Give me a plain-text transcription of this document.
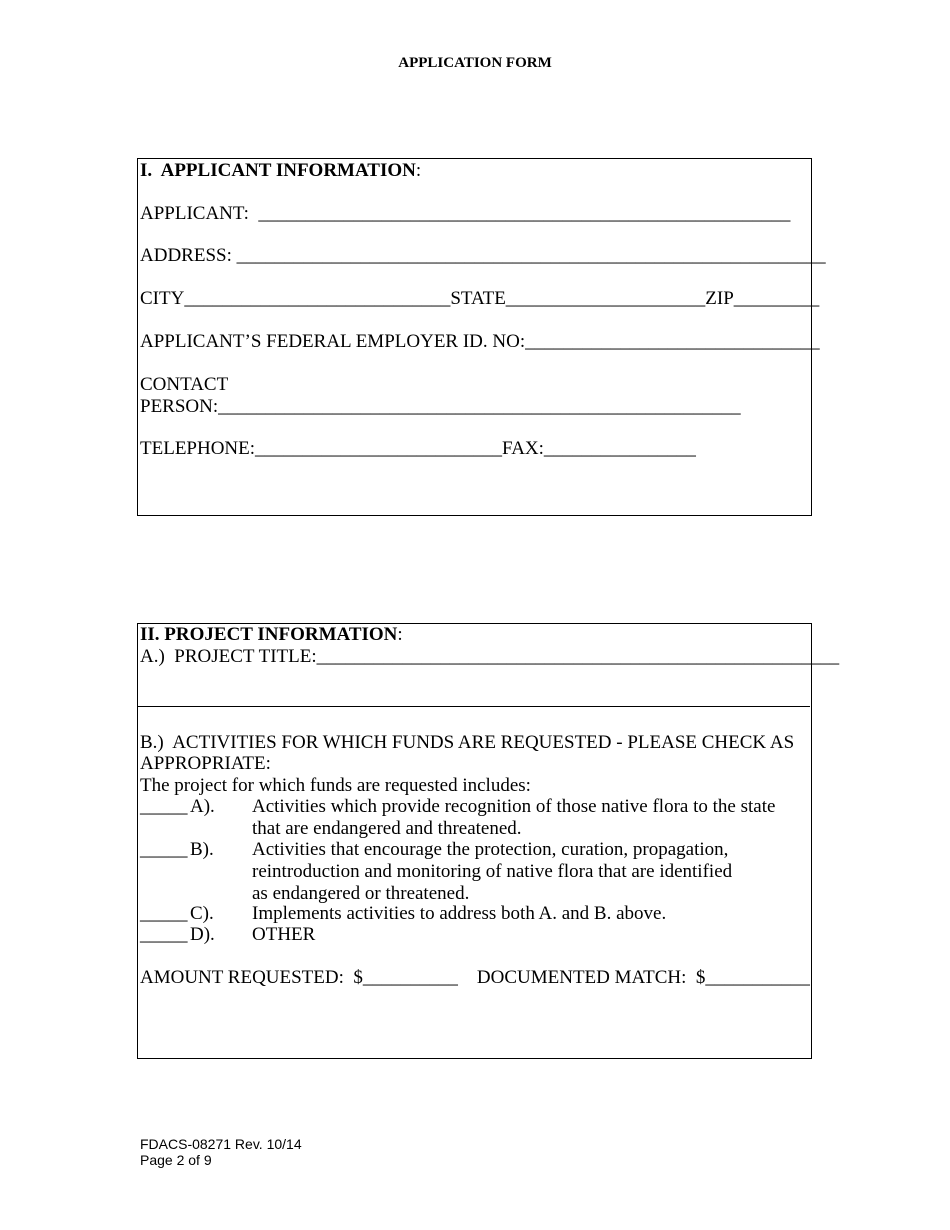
APPLICATION FORM
I.  APPLICANT INFORMATION:
APPLICANT:  ________________________________________________________
ADDRESS: ______________________________________________________________
CITY____________________________STATE_____________________ZIP_________
APPLICANT’S FEDERAL EMPLOYER ID. NO:_______________________________
CONTACT
PERSON:_______________________________________________________
TELEPHONE:__________________________FAX:________________
II. PROJECT INFORMATION:
A.)  PROJECT TITLE:_______________________________________________________
B.)  ACTIVITIES FOR WHICH FUNDS ARE REQUESTED - PLEASE CHECK AS
APPROPRIATE:
The project for which funds are requested includes:
_____ A). Activities which provide recognition of those native flora to the state that are endangered and threatened.
_____ B). Activities that encourage the protection, curation, propagation, reintroduction and monitoring of native flora that are identified as endangered or threatened.
_____ C). Implements activities to address both A. and B. above.
_____ D). OTHER
AMOUNT REQUESTED:  $__________    DOCUMENTED MATCH:  $___________
FDACS-08271 Rev. 10/14
Page 2 of 9
